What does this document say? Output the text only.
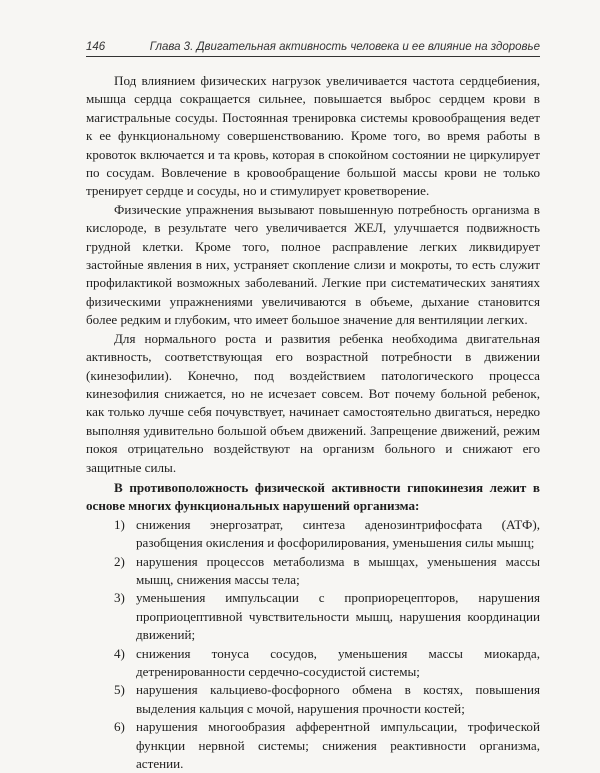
146	Глава 3. Двигательная активность человека и ее влияние на здоровье

Под влиянием физических нагрузок увеличивается частота сердцебиения, мышца сердца сокращается сильнее, повышается выброс сердцем крови в магистральные сосуды. Постоянная тренировка системы кровообращения ведет к ее функциональному совершенствованию. Кроме того, во время работы в кровоток включается и та кровь, которая в спокойном состоянии не циркулирует по сосудам. Вовлечение в кровообращение большой массы крови не только тренирует сердце и сосуды, но и стимулирует кроветворение.

Физические упражнения вызывают повышенную потребность организма в кислороде, в результате чего увеличивается ЖЕЛ, улучшается подвижность грудной клетки. Кроме того, полное расправление легких ликвидирует застойные явления в них, устраняет скопление слизи и мокроты, то есть служит профилактикой возможных заболеваний. Легкие при систематических занятиях физическими упражнениями увеличиваются в объеме, дыхание становится более редким и глубоким, что имеет большое значение для вентиляции легких.

Для нормального роста и развития ребенка необходима двигательная активность, соответствующая его возрастной потребности в движении (кинезофилии). Конечно, под воздействием патологического процесса кинезофилия снижается, но не исчезает совсем. Вот почему больной ребенок, как только лучше себя почувствует, начинает самостоятельно двигаться, нередко выполняя удивительно большой объем движений. Запрещение движений, режим покоя отрицательно воздействуют на организм больного и снижают его защитные силы.

В противоположность физической активности гипокинезия лежит в основе многих функциональных нарушений организма:

1) снижения энергозатрат, синтеза аденозинтрифосфата (АТФ), разобщения окисления и фосфорилирования, уменьшения силы мышц;
2) нарушения процессов метаболизма в мышцах, уменьшения массы мышц, снижения массы тела;
3) уменьшения импульсации с проприорецепторов, нарушения проприоцептивной чувствительности мышц, нарушения координации движений;
4) снижения тонуса сосудов, уменьшения массы миокарда, детренированности сердечно-сосудистой системы;
5) нарушения кальциево-фосфорного обмена в костях, повышения выделения кальция с мочой, нарушения прочности костей;
6) нарушения многообразия афферентной импульсации, трофической функции нервной системы; снижения реактивности организма, астении.
